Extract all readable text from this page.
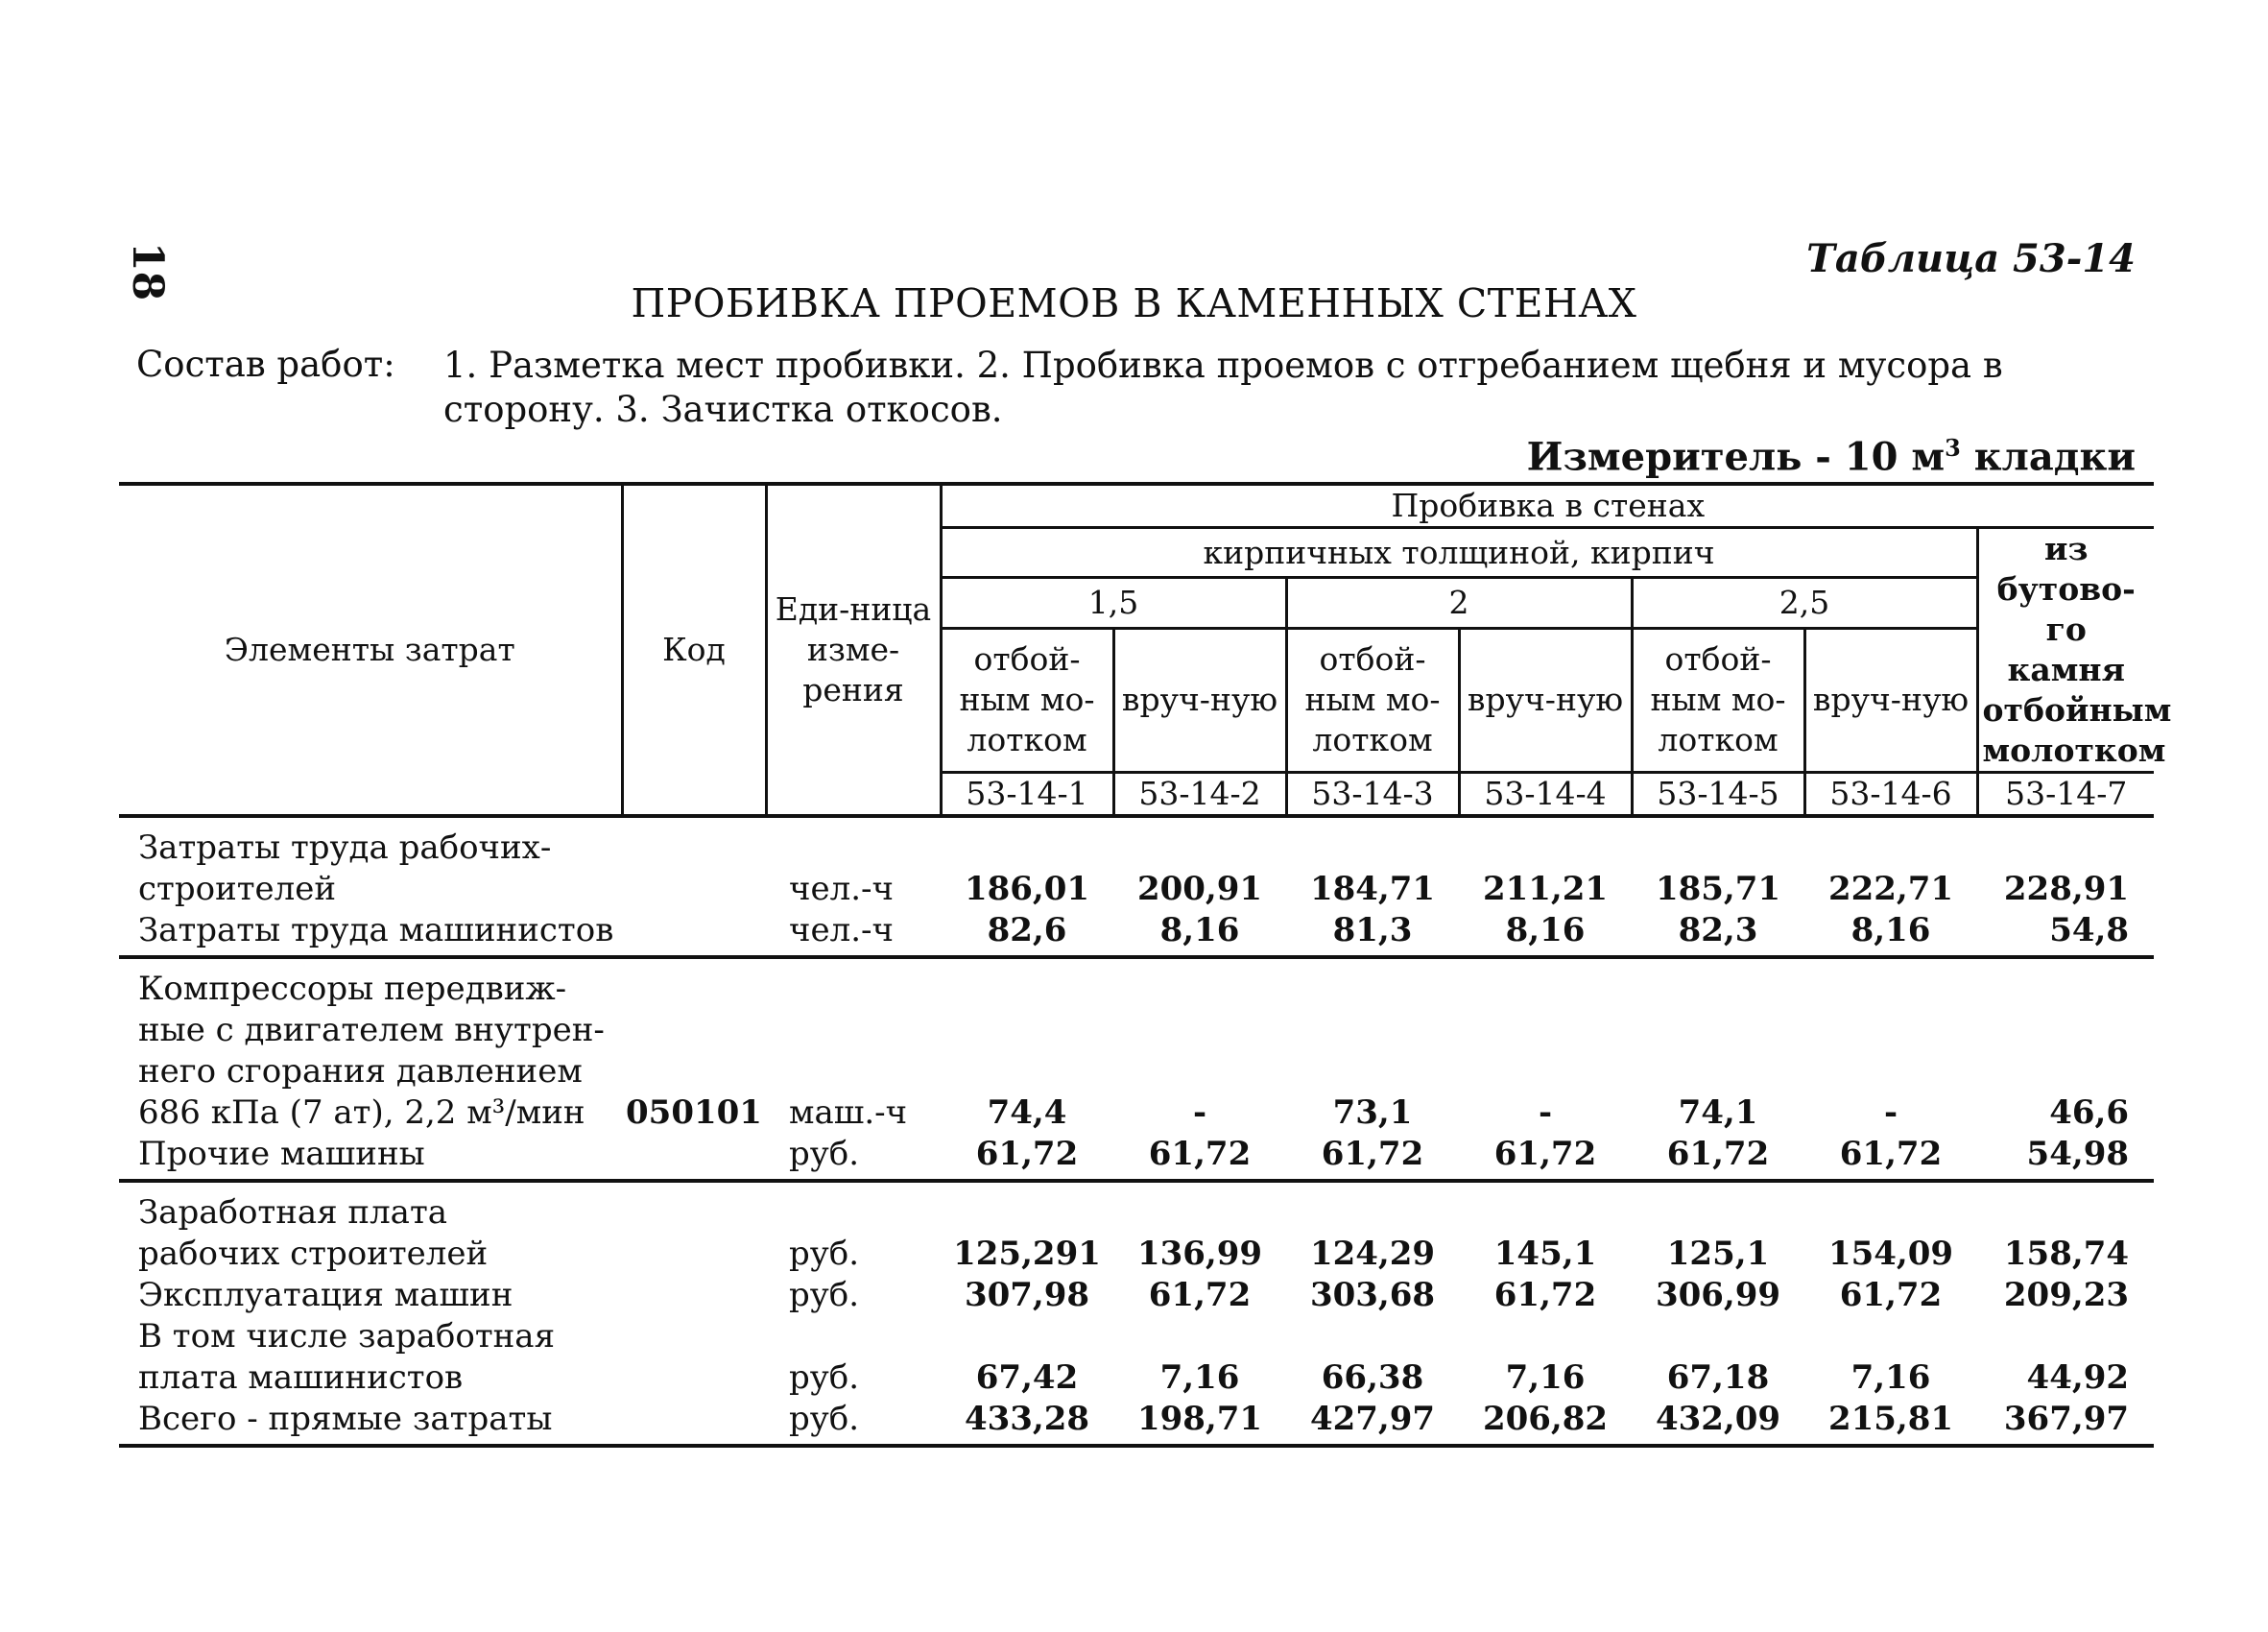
18	Таблица 53-14
ПРОБИВКА ПРОЕМОВ В КАМЕННЫХ СТЕНАХ
Состав работ: 1. Разметка мест пробивки. 2. Пробивка проемов с отгребанием щебня и мусора в сторону. 3. Зачистка откосов.
Измеритель - 10 $м^3$ кладки
Элементы затрат	Код	Еди-ница изме-рения	Пробивка в стенах						
			кирпичных толщиной, кирпич						из бутово-го камня отбойным молотком
			1,5		2		2,5		
			отбой-ным мо-лотком	вруч-ную	отбой-ным мо-лотком	вруч-ную	отбой-ным мо-лотком	вруч-ную	
			53-14-1	53-14-2	53-14-3	53-14-4	53-14-5	53-14-6	53-14-7

Затраты труда рабочих-
строителей		чел.-ч	186,01	200,91	184,71	211,21	185,71	222,71	228,91

Затраты труда машинистов		чел.-ч	82,6	8,16	81,3	8,16	82,3	8,16	54,8

Компрессоры передвиж-
ные с двигателем внутрен-
него сгорания давлением
686 кПа (7 ат), 2,2 м³/мин	050101	маш.-ч	74,4	-	73,1	-	74,1	-	46,6

Прочие машины		руб.	61,72	61,72	61,72	61,72	61,72	61,72	54,98

Заработная плата
рабочих строителей		руб.	125,291	136,99	124,29	145,1	125,1	154,09	158,74

Эксплуатация машин		руб.	307,98	61,72	303,68	61,72	306,99	61,72	209,23

В том числе заработная
плата машинистов		руб.	67,42	7,16	66,38	7,16	67,18	7,16	44,92

Всего - прямые затраты		руб.	433,28	198,71	427,97	206,82	432,09	215,81	367,97
